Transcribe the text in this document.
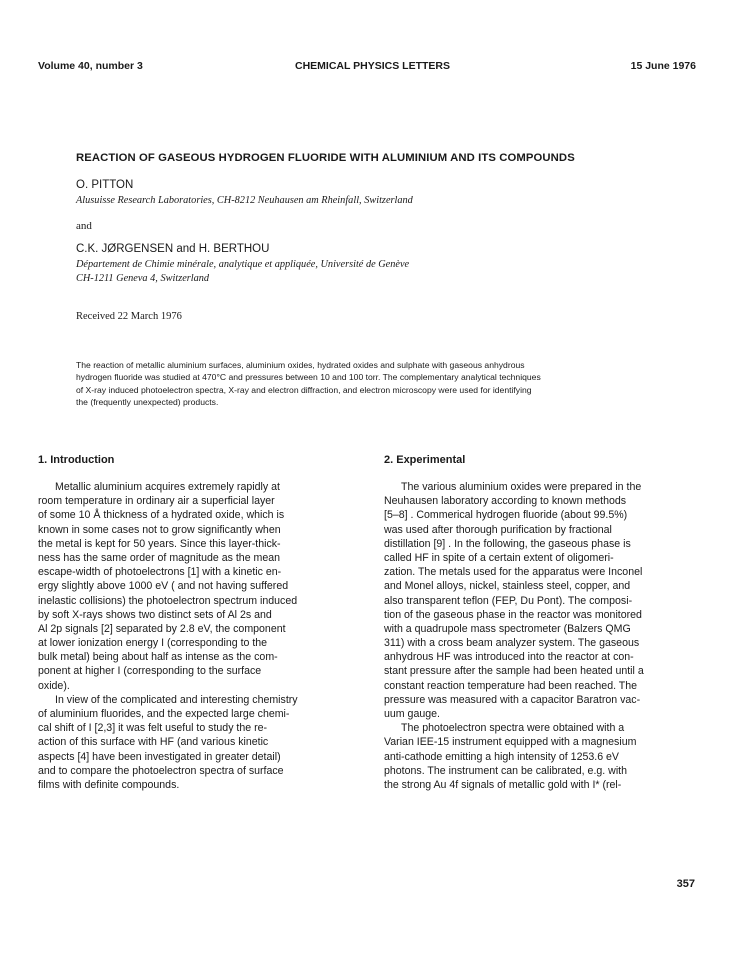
Volume 40, number 3	CHEMICAL PHYSICS LETTERS	15 June 1976
REACTION OF GASEOUS HYDROGEN FLUORIDE WITH ALUMINIUM AND ITS COMPOUNDS
O. PITTON
Alusuisse Research Laboratories, CH-8212 Neuhausen am Rheinfall, Switzerland
and
C.K. JØRGENSEN and H. BERTHOU
Département de Chimie minérale, analytique et appliquée, Université de Genève
CH-1211 Geneva 4, Switzerland
Received 22 March 1976
The reaction of metallic aluminium surfaces, aluminium oxides, hydrated oxides and sulphate with gaseous anhydrous
hydrogen fluoride was studied at 470°C and pressures between 10 and 100 torr. The complementary analytical techniques
of X-ray induced photoelectron spectra, X-ray and electron diffraction, and electron microscopy were used for identifying
the (frequently unexpected) products.
1. Introduction
Metallic aluminium acquires extremely rapidly at
room temperature in ordinary air a superficial layer
of some 10 Å thickness of a hydrated oxide, which is
known in some cases not to grow significantly when
the metal is kept for 50 years. Since this layer-thick-
ness has the same order of magnitude as the mean
escape-width of photoelectrons [1] with a kinetic en-
ergy slightly above 1000 eV ( and not having suffered
inelastic collisions) the photoelectron spectrum induced
by soft X-rays shows two distinct sets of Al 2s and
Al 2p signals [2] separated by 2.8 eV, the component
at lower ionization energy I (corresponding to the
bulk metal) being about half as intense as the com-
ponent at higher I (corresponding to the surface
oxide).
In view of the complicated and interesting chemistry
of aluminium fluorides, and the expected large chemi-
cal shift of I [2,3] it was felt useful to study the re-
action of this surface with HF (and various kinetic
aspects [4] have been investigated in greater detail)
and to compare the photoelectron spectra of surface
films with definite compounds.
2. Experimental
The various aluminium oxides were prepared in the
Neuhausen laboratory according to known methods
[5–8] . Commerical hydrogen fluoride (about 99.5%)
was used after thorough purification by fractional
distillation [9] . In the following, the gaseous phase is
called HF in spite of a certain extent of oligomeri-
zation. The metals used for the apparatus were Inconel
and Monel alloys, nickel, stainless steel, copper, and
also transparent teflon (FEP, Du Pont). The composi-
tion of the gaseous phase in the reactor was monitored
with a quadrupole mass spectrometer (Balzers QMG
311) with a cross beam analyzer system. The gaseous
anhydrous HF was introduced into the reactor at con-
stant pressure after the sample had been heated until a
constant reaction temperature had been reached. The
pressure was measured with a capacitor Baratron vac-
uum gauge.
The photoelectron spectra were obtained with a
Varian IEE-15 instrument equipped with a magnesium
anti-cathode emitting a high intensity of 1253.6 eV
photons. The instrument can be calibrated, e.g. with
the strong Au 4f signals of metallic gold with I* (rel-
357
